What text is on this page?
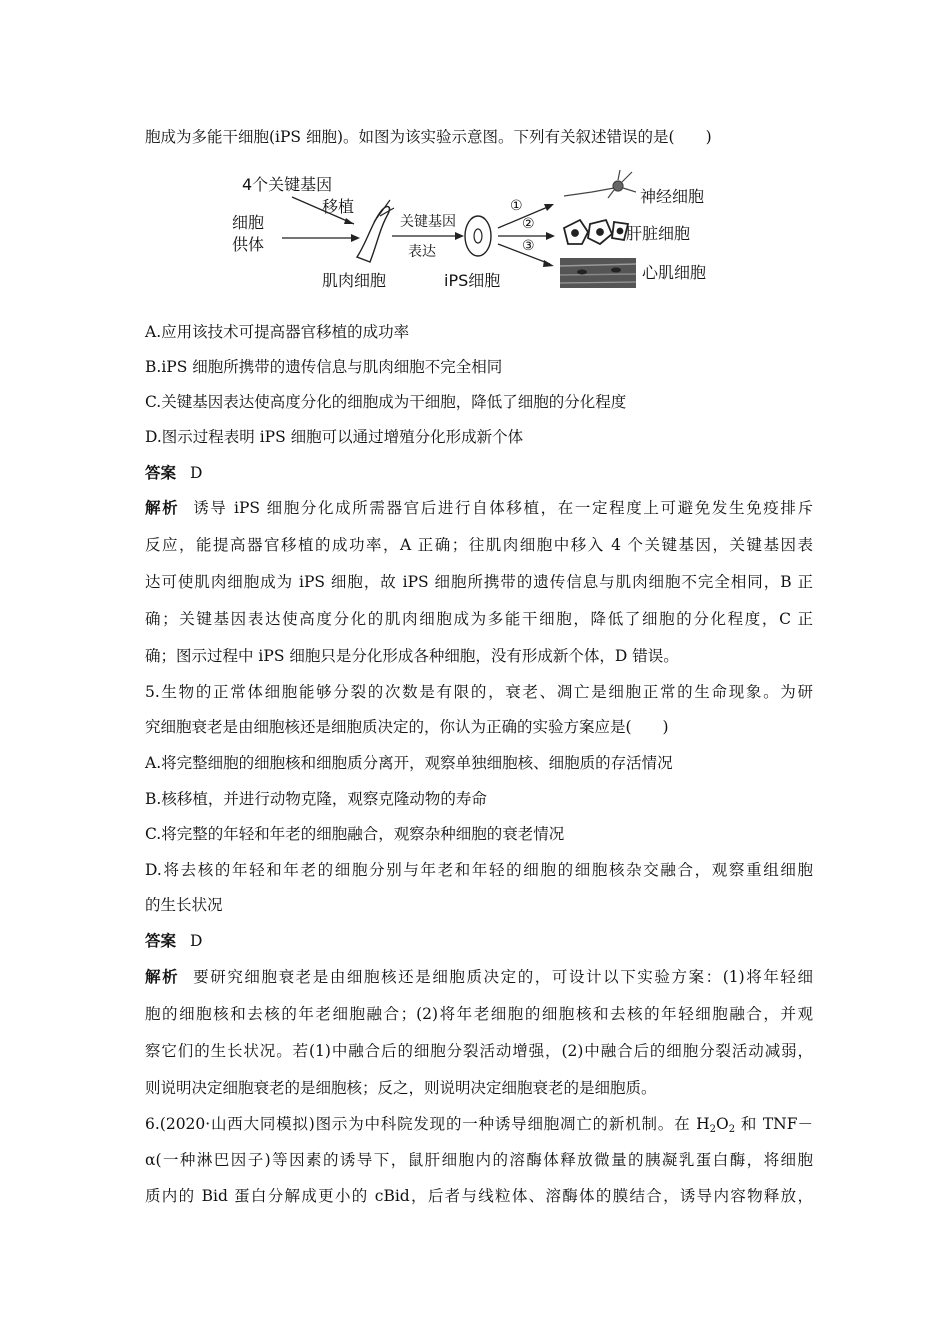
胞成为多能干细胞(iPS 细胞)。如图为该实验示意图。下列有关叙述错误的是(　　)
4个关键基因
移植
细胞
供体
肌肉细胞
关键基因
表达
iPS细胞
①
②
③
神经细胞
肝脏细胞
心肌细胞
A.应用该技术可提高器官移植的成功率
B.iPS 细胞所携带的遗传信息与肌肉细胞不完全相同
C.关键基因表达使高度分化的细胞成为干细胞，降低了细胞的分化程度
D.图示过程表明 iPS 细胞可以通过增殖分化形成新个体
答案 D
解析 诱导 iPS 细胞分化成所需器官后进行自体移植，在一定程度上可避免发生免疫排斥
反应，能提高器官移植的成功率，A 正确；往肌肉细胞中移入 4 个关键基因，关键基因表
达可使肌肉细胞成为 iPS 细胞，故 iPS 细胞所携带的遗传信息与肌肉细胞不完全相同，B 正
确；关键基因表达使高度分化的肌肉细胞成为多能干细胞，降低了细胞的分化程度，C 正
确；图示过程中 iPS 细胞只是分化形成各种细胞，没有形成新个体，D 错误。
5.生物的正常体细胞能够分裂的次数是有限的，衰老、凋亡是细胞正常的生命现象。为研
究细胞衰老是由细胞核还是细胞质决定的，你认为正确的实验方案应是(　　)
A.将完整细胞的细胞核和细胞质分离开，观察单独细胞核、细胞质的存活情况
B.核移植，并进行动物克隆，观察克隆动物的寿命
C.将完整的年轻和年老的细胞融合，观察杂种细胞的衰老情况
D.将去核的年轻和年老的细胞分别与年老和年轻的细胞的细胞核杂交融合，观察重组细胞
的生长状况
答案 D
解析 要研究细胞衰老是由细胞核还是细胞质决定的，可设计以下实验方案：(1)将年轻细
胞的细胞核和去核的年老细胞融合；(2)将年老细胞的细胞核和去核的年轻细胞融合，并观
察它们的生长状况。若(1)中融合后的细胞分裂活动增强，(2)中融合后的细胞分裂活动减弱，
则说明决定细胞衰老的是细胞核；反之，则说明决定细胞衰老的是细胞质。
6.(2020·山西大同模拟)图示为中科院发现的一种诱导细胞凋亡的新机制。在 $H_2O_2$ 和 TNF－
α(一种淋巴因子)等因素的诱导下，鼠肝细胞内的溶酶体释放微量的胰凝乳蛋白酶，将细胞
质内的 Bid 蛋白分解成更小的 cBid，后者与线粒体、溶酶体的膜结合，诱导内容物释放，
